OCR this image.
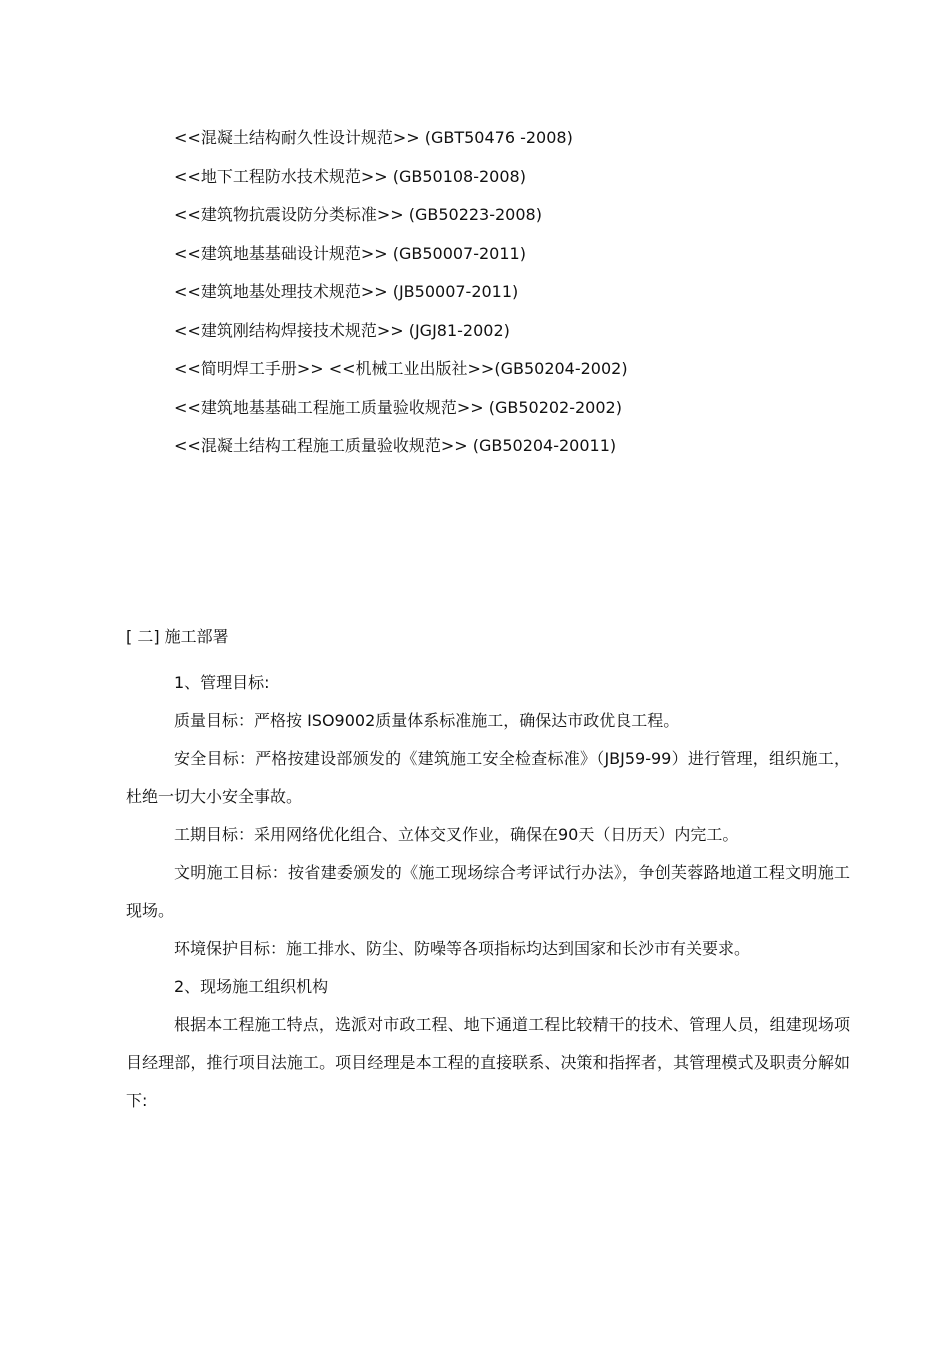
<<混凝土结构耐久性设计规范>> (GBT50476 -2008)
<<地下工程防水技术规范>> (GB50108-2008)
<<建筑物抗震设防分类标准>> (GB50223-2008)
<<建筑地基基础设计规范>> (GB50007-2011)
<<建筑地基处理技术规范>> (JB50007-2011)
<<建筑刚结构焊接技术规范>> (JGJ81-2002)
<<简明焊工手册>> <<机械工业出版社>>(GB50204-2002)
<<建筑地基基础工程施工质量验收规范>> (GB50202-2002)
<<混凝土结构工程施工质量验收规范>> (GB50204-20011)
[ 二] 施工部署

1、管理目标:

质量目标：严格按 ISO9002质量体系标准施工，确保达市政优良工程。

安全目标：严格按建设部颁发的《建筑施工安全检查标准》（JBJ59-99）进行管理，组织施工，杜绝一切大小安全事故。

工期目标：采用网络优化组合、立体交叉作业，确保在90天（日历天）内完工。

文明施工目标：按省建委颁发的《施工现场综合考评试行办法》，争创芙蓉路地道工程文明施工现场。

环境保护目标：施工排水、防尘、防噪等各项指标均达到国家和长沙市有关要求。

2、现场施工组织机构

根据本工程施工特点，选派对市政工程、地下通道工程比较精干的技术、管理人员，组建现场项目经理部，推行项目法施工。项目经理是本工程的直接联系、决策和指挥者，其管理模式及职责分解如下:
